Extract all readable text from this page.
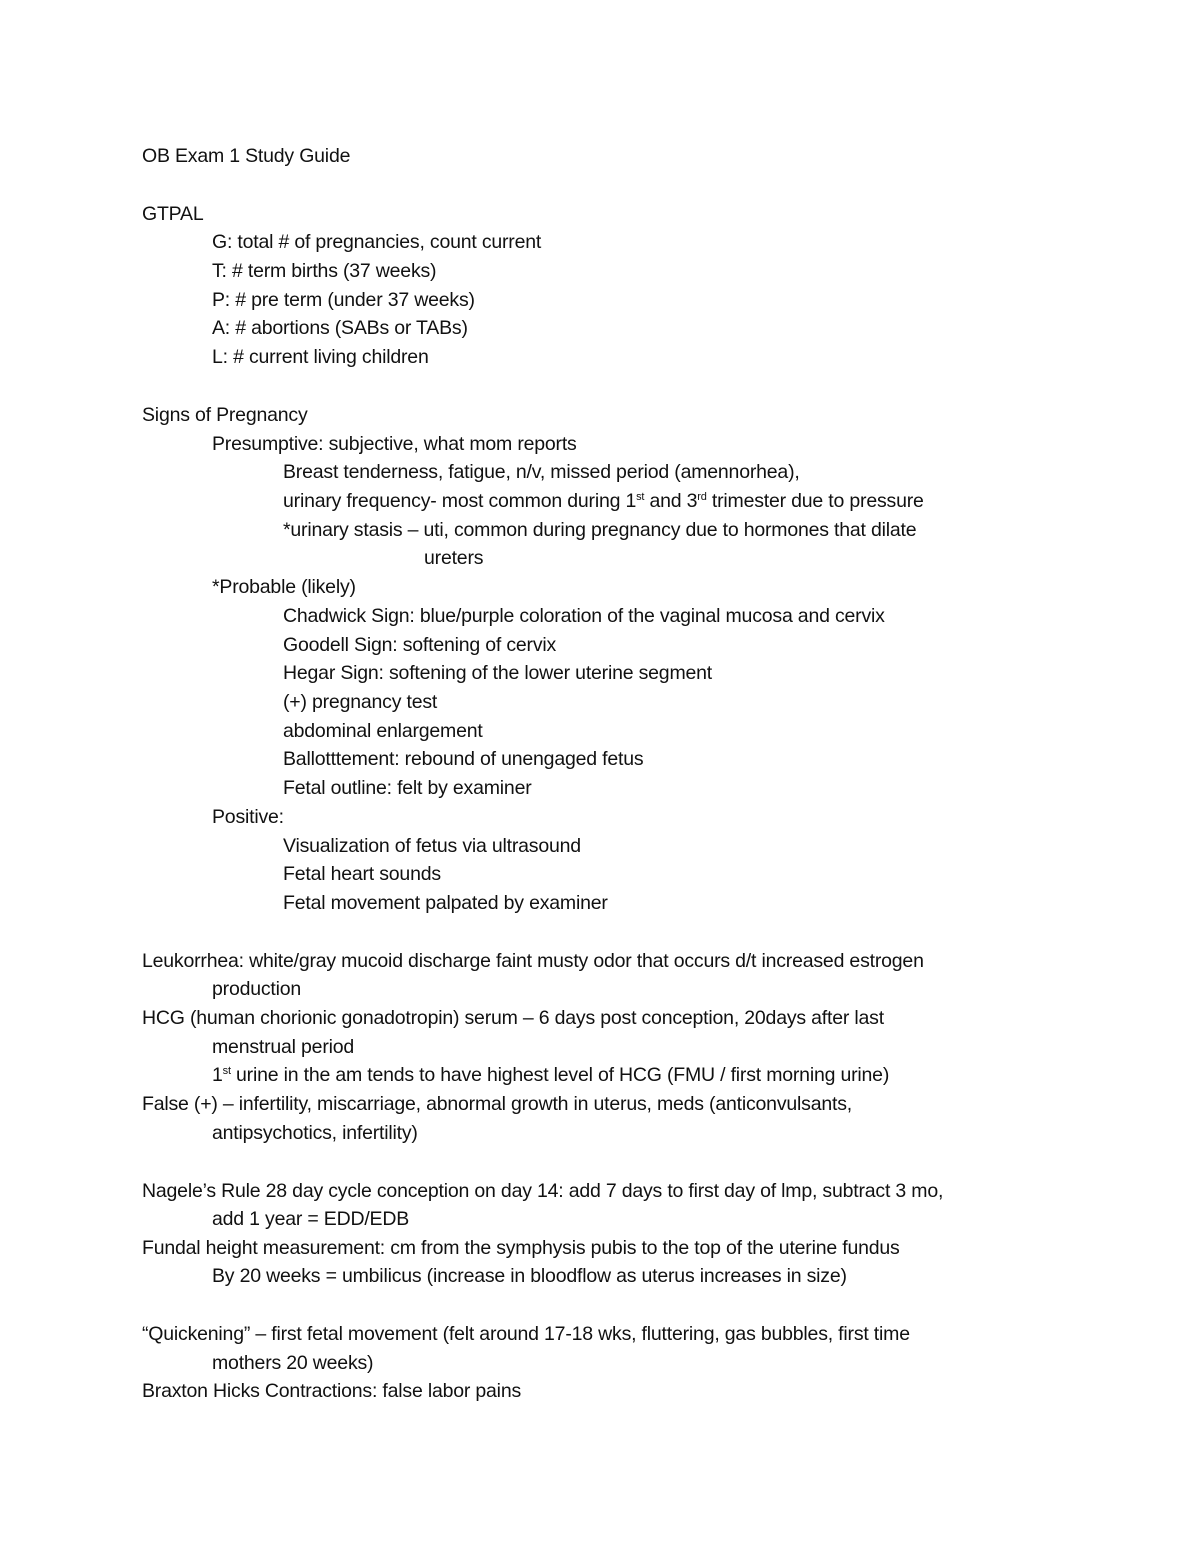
OB Exam 1 Study Guide
GTPAL
G: total # of pregnancies, count current
T: # term births (37 weeks)
P: # pre term (under 37 weeks)
A: # abortions (SABs or TABs)
L: # current living children
Signs of Pregnancy
Presumptive: subjective, what mom reports
Breast tenderness, fatigue, n/v, missed period (amennorhea),
urinary frequency- most common during 1st and 3rd trimester due to pressure
*urinary stasis – uti, common during pregnancy due to hormones that dilate
ureters
*Probable (likely)
Chadwick Sign: blue/purple coloration of the vaginal mucosa and cervix
Goodell Sign: softening of cervix
Hegar Sign: softening of the lower uterine segment
(+) pregnancy test
abdominal enlargement
Ballotttement: rebound of unengaged fetus
Fetal outline: felt by examiner
Positive:
Visualization of fetus via ultrasound
Fetal heart sounds
Fetal movement palpated by examiner
Leukorrhea: white/gray mucoid discharge faint musty odor that occurs d/t increased estrogen
production
HCG (human chorionic gonadotropin) serum – 6 days post conception, 20days after last
menstrual period
1st urine in the am tends to have highest level of HCG (FMU / first morning urine)
False (+) – infertility, miscarriage, abnormal growth in uterus, meds (anticonvulsants,
antipsychotics, infertility)
Nagele’s Rule 28 day cycle conception on day 14: add 7 days to first day of lmp, subtract 3 mo,
add 1 year = EDD/EDB
Fundal height measurement: cm from the symphysis pubis to the top of the uterine fundus
By 20 weeks = umbilicus (increase in bloodflow as uterus increases in size)
“Quickening” – first fetal movement (felt around 17-18 wks, fluttering, gas bubbles, first time
mothers 20 weeks)
Braxton Hicks Contractions: false labor pains
